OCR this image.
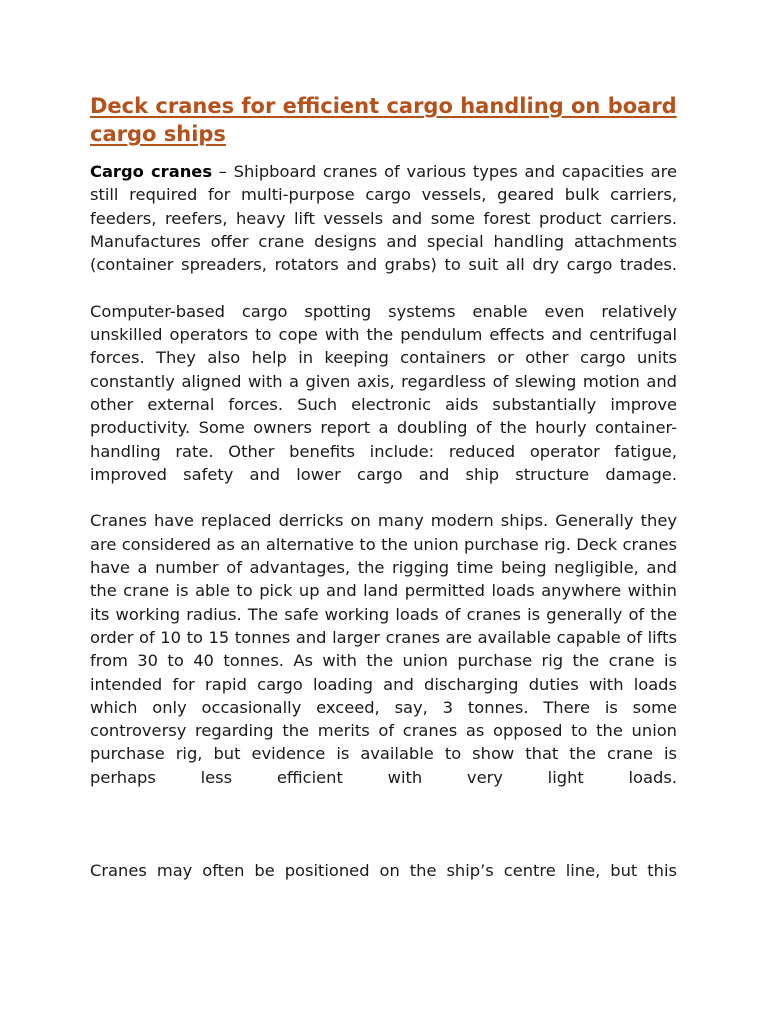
Deck cranes for efficient cargo handling on board cargo ships

Cargo cranes – Shipboard cranes of various types and capacities are still required for multi-purpose cargo vessels, geared bulk carriers, feeders, reefers, heavy lift vessels and some forest product carriers. Manufactures offer crane designs and special handling attachments (container spreaders, rotators and grabs) to suit all dry cargo trades.

Computer-based cargo spotting systems enable even relatively unskilled operators to cope with the pendulum effects and centrifugal forces. They also help in keeping containers or other cargo units constantly aligned with a given axis, regardless of slewing motion and other external forces. Such electronic aids substantially improve productivity. Some owners report a doubling of the hourly container-handling rate. Other benefits include: reduced operator fatigue, improved safety and lower cargo and ship structure damage.

Cranes have replaced derricks on many modern ships. Generally they are considered as an alternative to the union purchase rig. Deck cranes have a number of advantages, the rigging time being negligible, and the crane is able to pick up and land permitted loads anywhere within its working radius. The safe working loads of cranes is generally of the order of 10 to 15 tonnes and larger cranes are available capable of lifts from 30 to 40 tonnes. As with the union purchase rig the crane is intended for rapid cargo loading and discharging duties with loads which only occasionally exceed, say, 3 tonnes. There is some controversy regarding the merits of cranes as opposed to the union purchase rig, but evidence is available to show that the crane is perhaps less efficient with very light loads.

Cranes may often be positioned on the ship’s centre line, but this
